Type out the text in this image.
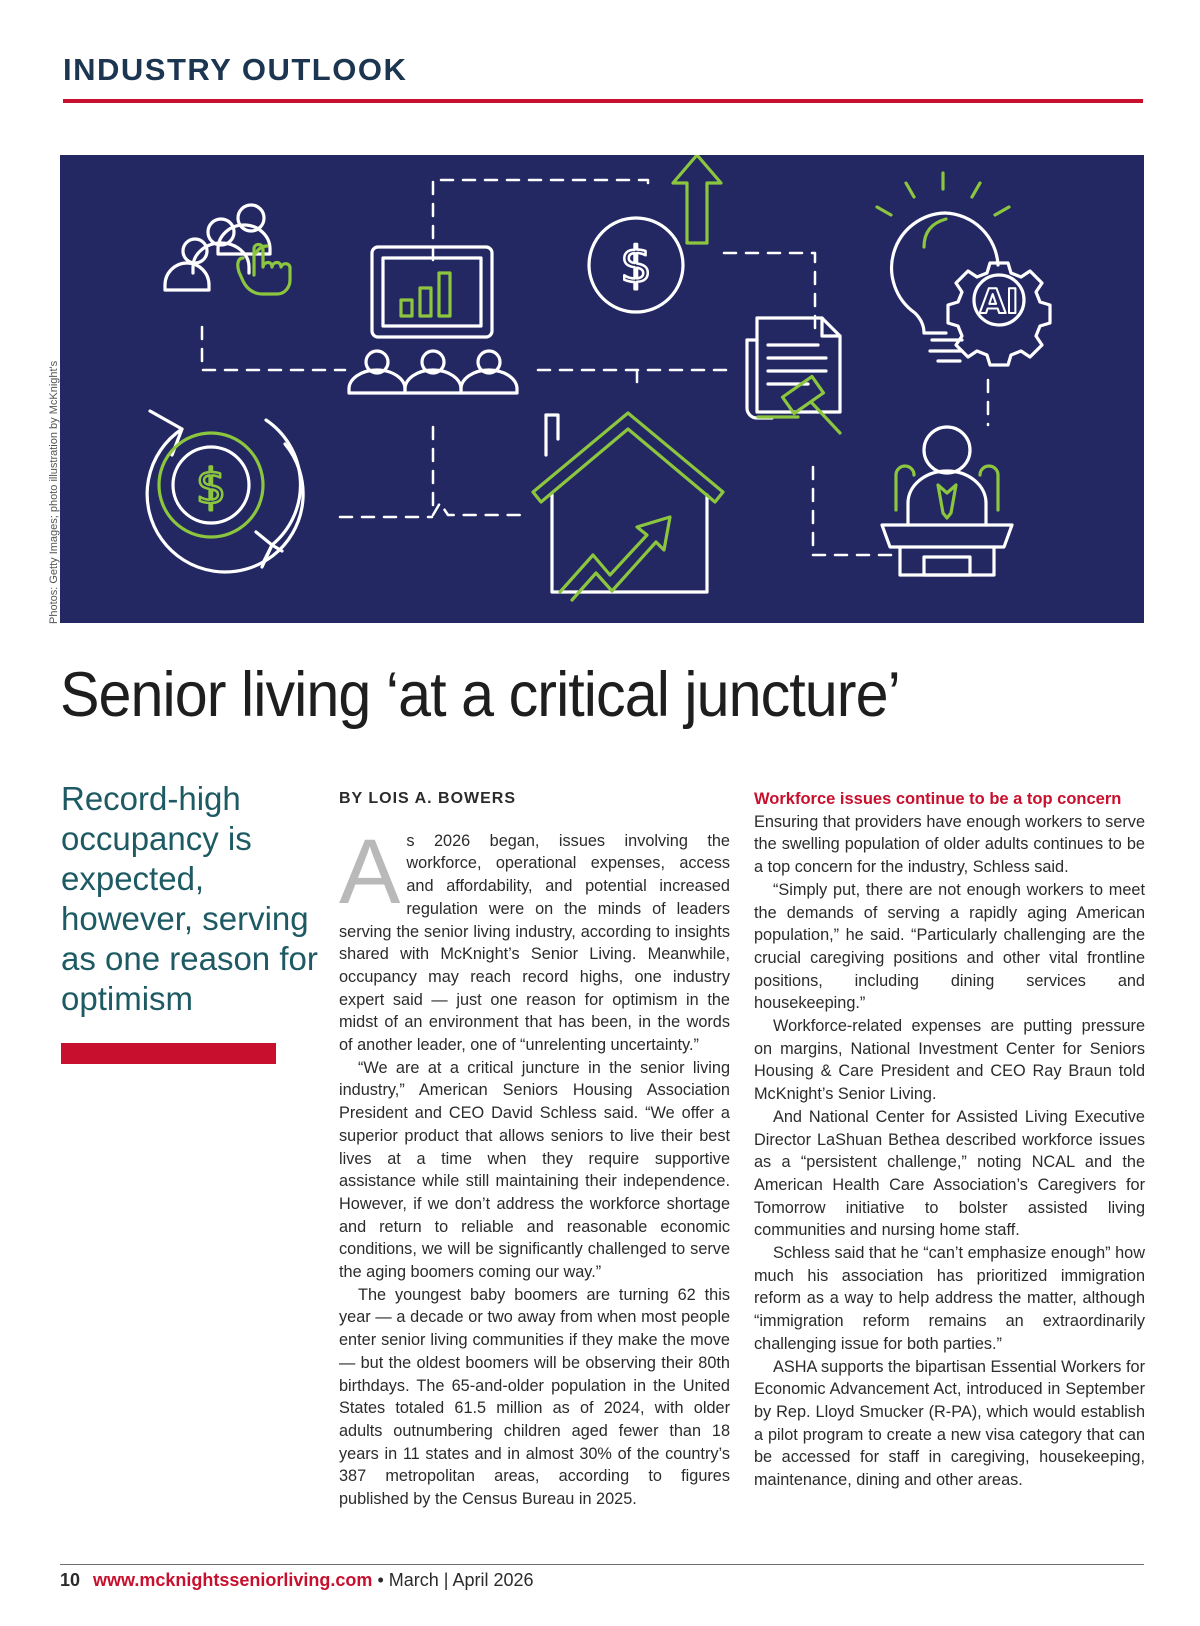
INDUSTRY OUTLOOK
Photos: Getty Images; photo illustration by McKnight's
$
AI
$
Senior living ‘at a critical juncture’

Record-high occupancy is expected, however, serving as one reason for optimism

BY LOIS A. BOWERS

As 2026 began, issues involving the workforce, operational expenses, access and affordability, and potential increased regulation were on the minds of leaders serving the senior living industry, according to insights shared with McKnight’s Senior Living. Meanwhile, occupancy may reach record highs, one industry expert said — just one reason for optimism in the midst of an environment that has been, in the words of another leader, one of “unrelenting uncertainty.”

“We are at a critical juncture in the senior living industry,” American Seniors Housing Association President and CEO David Schless said. “We offer a superior product that allows seniors to live their best lives at a time when they require supportive assistance while still maintaining their independence. However, if we don’t address the workforce shortage and return to reliable and reasonable economic conditions, we will be significantly challenged to serve the aging boomers coming our way.”

The youngest baby boomers are turning 62 this year — a decade or two away from when most people enter senior living communities if they make the move — but the oldest boomers will be observing their 80th birthdays. The 65-and-older population in the United States totaled 61.5 million as of 2024, with older adults outnumbering children aged fewer than 18 years in 11 states and in almost 30% of the country’s 387 metropolitan areas, according to figures published by the Census Bureau in 2025.

Workforce issues continue to be a top concern

Ensuring that providers have enough workers to serve the swelling population of older adults continues to be a top concern for the industry, Schless said.

“Simply put, there are not enough workers to meet the demands of serving a rapidly aging American population,” he said. “Particularly challenging are the crucial caregiving positions and other vital frontline positions, including dining services and housekeeping.”

Workforce-related expenses are putting pressure on margins, National Investment Center for Seniors Housing & Care President and CEO Ray Braun told McKnight’s Senior Living.

And National Center for Assisted Living Executive Director LaShuan Bethea described workforce issues as a “persistent challenge,” noting NCAL and the American Health Care Association’s Caregivers for Tomorrow initiative to bolster assisted living communities and nursing home staff.

Schless said that he “can’t emphasize enough” how much his association has prioritized immigration reform as a way to help address the matter, although “immigration reform remains an extraordinarily challenging issue for both parties.”

ASHA supports the bipartisan Essential Workers for Economic Advancement Act, introduced in September by Rep. Lloyd Smucker (R-PA), which would establish a pilot program to create a new visa category that can be accessed for staff in caregiving, housekeeping, maintenance, dining and other areas.

10 www.mcknightsseniorliving.com • March | April 2026
